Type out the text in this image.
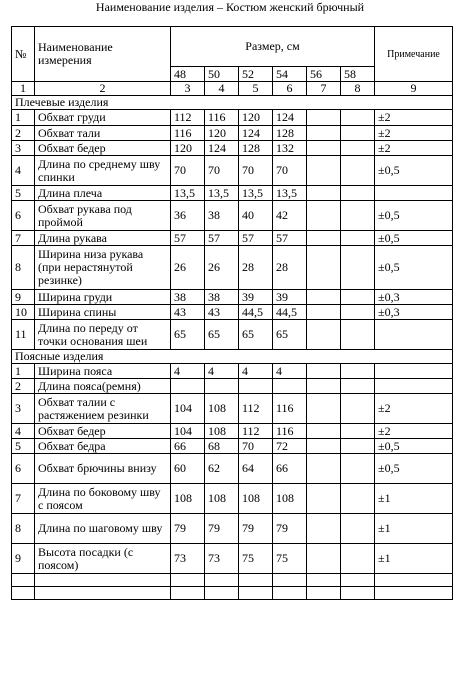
Наименование изделия – Костюм женский брючный
№	Наименование измерения	Размер, см						Примечание
		48	50	52	54	56	58	
1	2	3	4	5	6	7	8	9
Плечевые изделия								
1	Обхват груди	112	116	120	124			±2
2	Обхват тали	116	120	124	128			±2
3	Обхват бедер	120	124	128	132			±2
4	Длина по среднему шву спинки	70	70	70	70			±0,5
5	Длина плеча	13,5	13,5	13,5	13,5			
6	Обхват рукава под проймой	36	38	40	42			±0,5
7	Длина рукава	57	57	57	57			±0,5
8	Ширина низа рукава (при нерастянутой резинке)	26	26	28	28			±0,5
9	Ширина груди	38	38	39	39			±0,3
10	Ширина спины	43	43	44,5	44,5			±0,3
11	Длина по переду от точки основания шеи	65	65	65	65			
Поясные изделия								
1	Ширина пояса	4	4	4	4			
2	Длина пояса(ремня)							
3	Обхват талии с растяжением резинки	104	108	112	116			±2
4	Обхват бедер	104	108	112	116			±2
5	Обхват бедра	66	68	70	72			±0,5
6	Обхват брючины внизу	60	62	64	66			±0,5
7	Длина по боковому шву с поясом	108	108	108	108			±1
8	Длина по шаговому шву	79	79	79	79			±1
9	Высота посадки (с поясом)	73	73	75	75			±1
